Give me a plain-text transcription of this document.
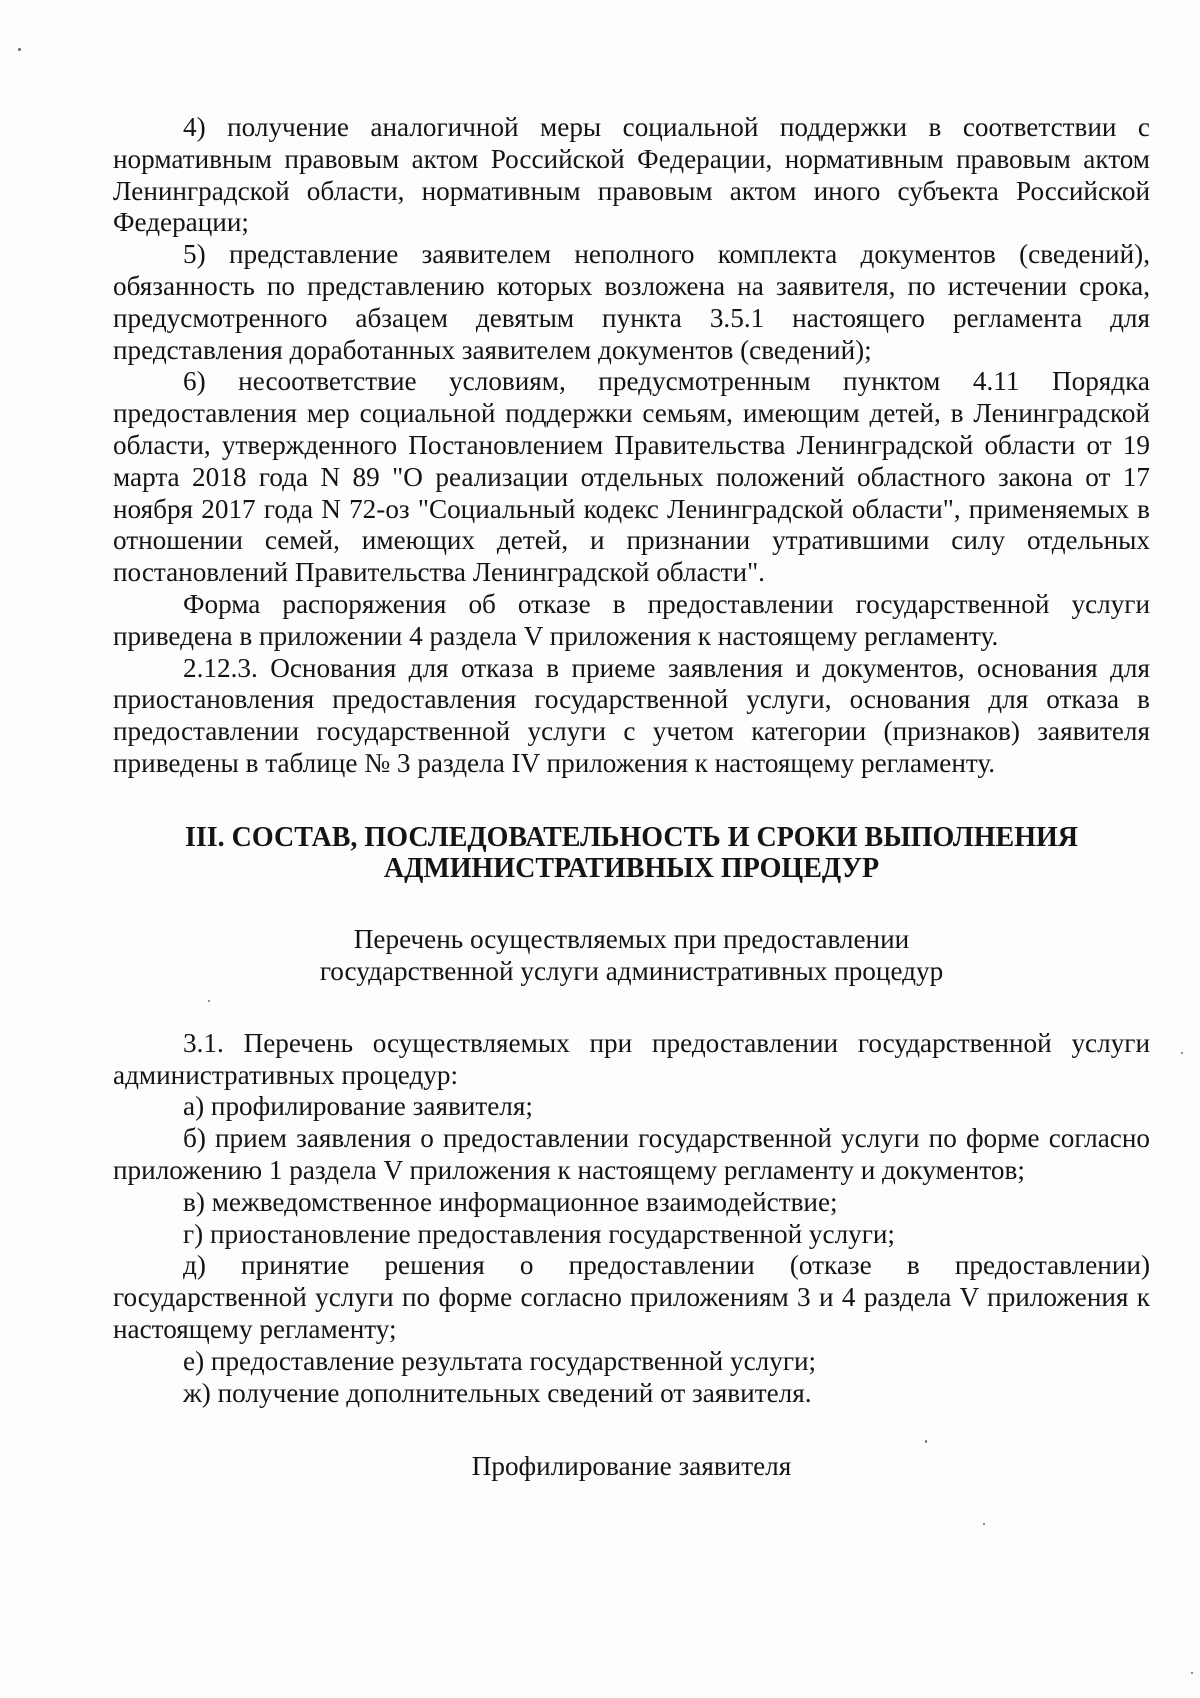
4) получение аналогичной меры социальной поддержки в соответствии с нормативным правовым актом Российской Федерации, нормативным правовым актом Ленинградской области, нормативным правовым актом иного субъекта Российской Федерации;

5) представление заявителем неполного комплекта документов (сведений), обязанность по представлению которых возложена на заявителя, по истечении срока, предусмотренного абзацем девятым пункта 3.5.1 настоящего регламента для представления доработанных заявителем документов (сведений);

6) несоответствие условиям, предусмотренным пунктом 4.11 Порядка предоставления мер социальной поддержки семьям, имеющим детей, в Ленинградской области, утвержденного Постановлением Правительства Ленинградской области от 19 марта 2018 года N 89 "О реализации отдельных положений областного закона от 17 ноября 2017 года N 72-оз "Социальный кодекс Ленинградской области", применяемых в отношении семей, имеющих детей, и признании утратившими силу отдельных постановлений Правительства Ленинградской области".

Форма распоряжения об отказе в предоставлении государственной услуги приведена в приложении 4 раздела V приложения к настоящему регламенту.

2.12.3. Основания для отказа в приеме заявления и документов, основания для приостановления предоставления государственной услуги, основания для отказа в предоставлении государственной услуги с учетом категории (признаков) заявителя приведены в таблице № 3 раздела IV приложения к настоящему регламенту.

III. СОСТАВ, ПОСЛЕДОВАТЕЛЬНОСТЬ И СРОКИ ВЫПОЛНЕНИЯ
АДМИНИСТРАТИВНЫХ ПРОЦЕДУР
Перечень осуществляемых при предоставлении
государственной услуги административных процедур

3.1. Перечень осуществляемых при предоставлении государственной услуги административных процедур:

а) профилирование заявителя;

б) прием заявления о предоставлении государственной услуги по форме согласно приложению 1 раздела V приложения к настоящему регламенту и документов;

в) межведомственное информационное взаимодействие;

г) приостановление предоставления государственной услуги;

д) принятие решения о предоставлении (отказе в предоставлении) государственной услуги по форме согласно приложениям 3 и 4 раздела V приложения к настоящему регламенту;

е) предоставление результата государственной услуги;

ж) получение дополнительных сведений от заявителя.

Профилирование заявителя
